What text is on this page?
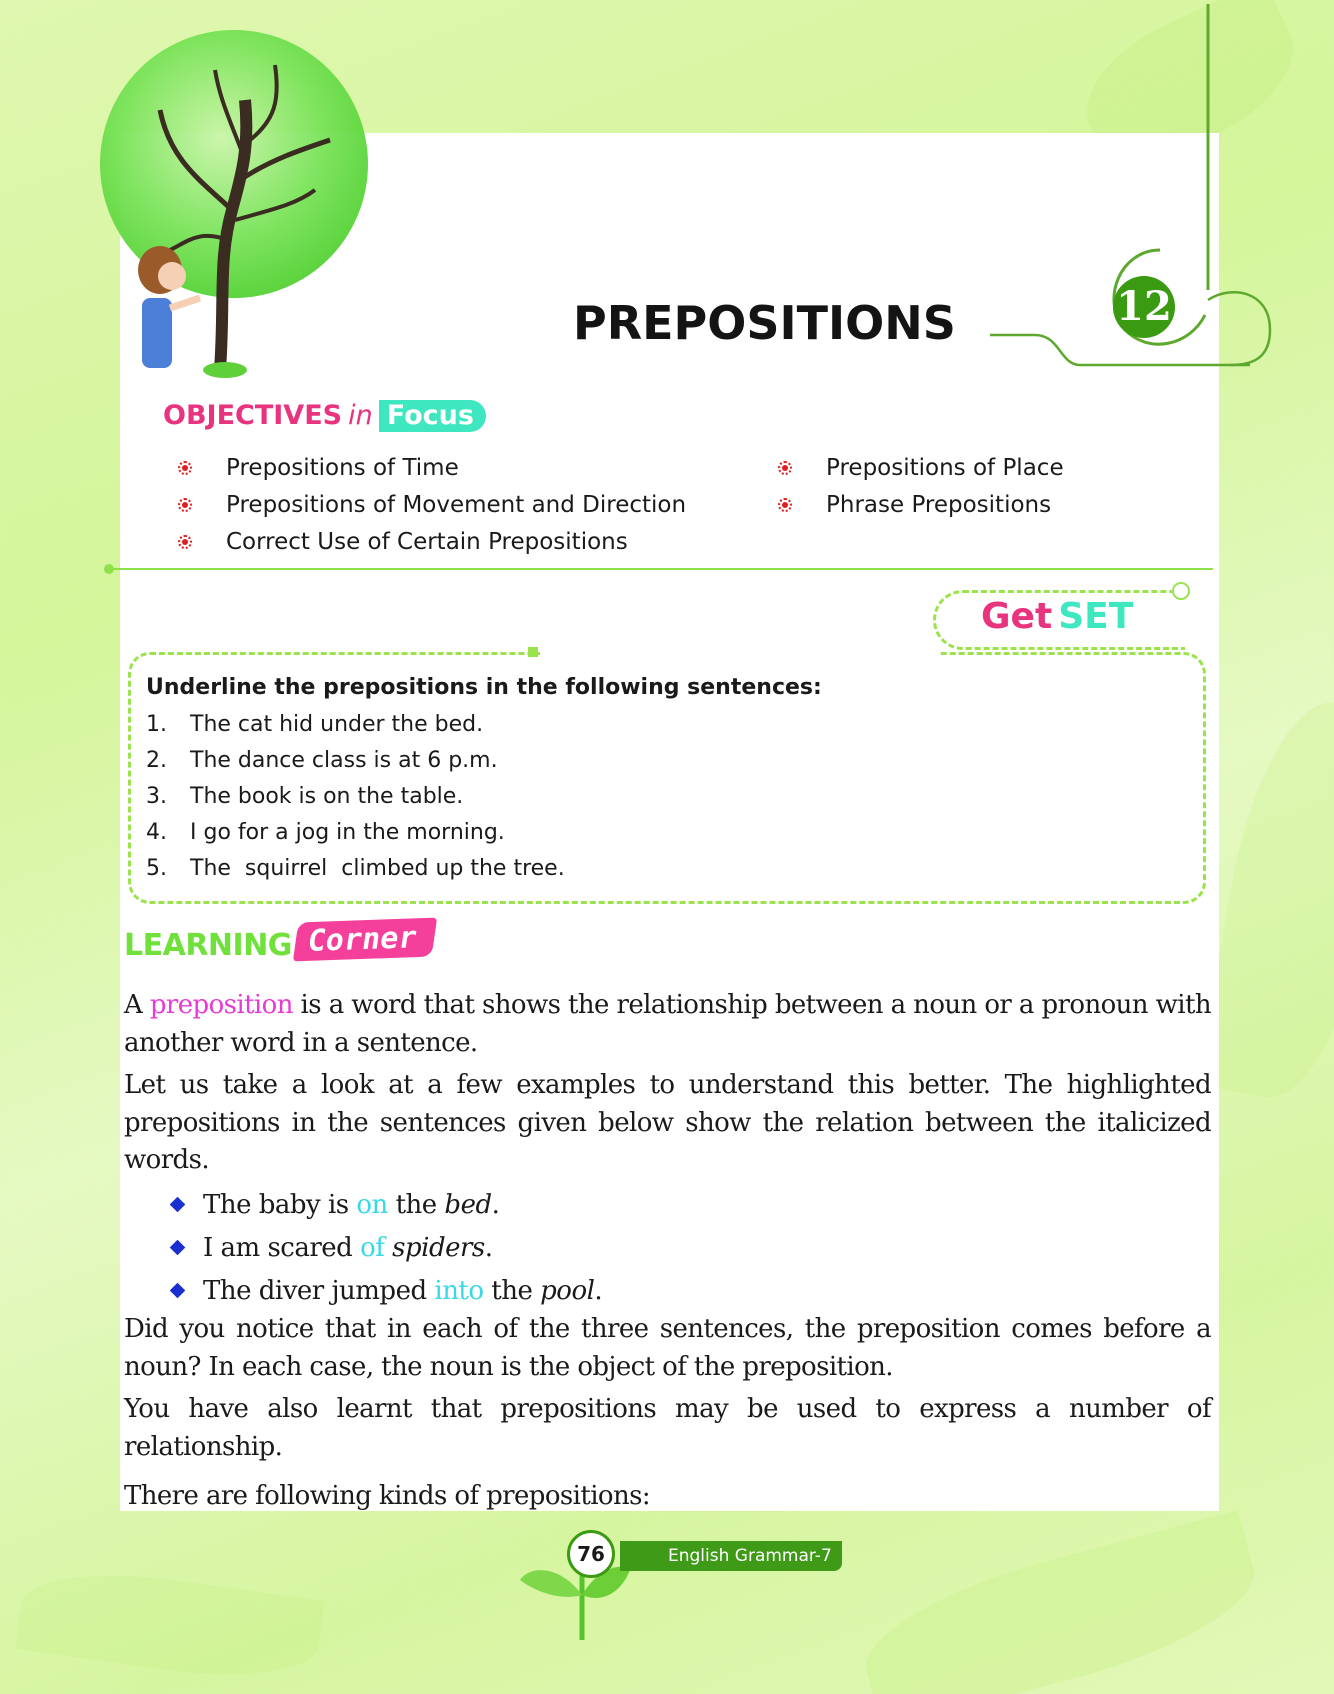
PREPOSITIONS	12
OBJECTIVES in Focus
Prepositions of Time
Prepositions of Movement and Direction
Correct Use of Certain Prepositions
Prepositions of Place
Phrase Prepositions
Get SET
Underline the prepositions in the following sentences:
1.	The cat hid under the bed.
2.	The dance class is at 6 p.m.
3.	The book is on the table.
4.	I go for a jog in the morning.
5.	The  squirrel  climbed up the tree.
LEARNING Corner

A preposition is a word that shows the relationship between a noun or a pronoun with another word in a sentence.

Let us take a look at a few examples to understand this better. The highlighted prepositions in the sentences given below show the relation between the italicized words.

The baby is on the bed .
I am scared of
spiders .
The diver jumped into the pool .

Did you notice that in each of the three sentences, the preposition comes before a noun? In each case, the noun is the object of the preposition.

You have also learnt that prepositions may be used to express a number of relationship.

There are following kinds of prepositions:

76	English Grammar-7
